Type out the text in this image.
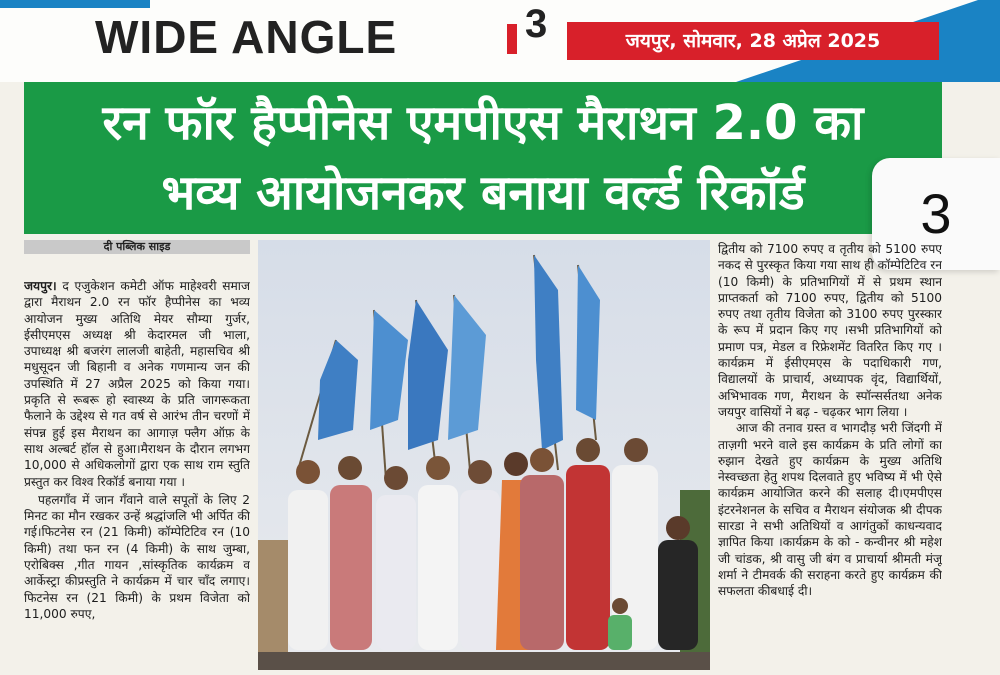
WIDE ANGLE	3	जयपुर, सोमवार, 28 अप्रेल 2025
रन फॉर हैप्पीनेस एमपीएस मैराथन 2.0 का
भव्य आयोजनकर बनाया वर्ल्ड रिकॉर्ड	3
दी पब्लिक साइड

जयपुर। द एजुकेशन कमेटी ऑफ माहेश्वरी समाज द्वारा मैराथन 2.0 रन फॉर हैप्पीनेस का भव्य आयोजन मुख्य अतिथि मेयर सौम्या गुर्जर, ईसीएमएस अध्यक्ष श्री केदारमल जी भाला, उपाध्यक्ष श्री बजरंग लालजी बाहेती, महासचिव श्री मधुसूदन जी बिहानी व अनेक गणमान्य जन की उपस्थिति में 27 अप्रैल 2025 को किया गया। प्रकृति से रूबरू हो स्वास्थ्य के प्रति जागरूकता फैलाने के उद्देश्य से गत वर्ष से आरंभ तीन चरणों में संपन्न हुई इस मैराथन का आगाज़ फ्लैग ऑफ़ के साथ अल्बर्ट हॉल से हुआ।मैराथन के दौरान लगभग 10,000 से अधिकलोगों द्वारा एक साथ राम स्तुति प्रस्तुत कर विश्व रिकॉर्ड बनाया गया ।

पहलगाँव में जान गँवाने वाले सपूतों के लिए 2 मिनट का मौन रखकर उन्हें श्रद्धांजलि भी अर्पित की गई।फिटनेस रन (21 किमी) कॉम्पेटिटिव रन (10 किमी) तथा फन रन (4 किमी) के साथ जुम्बा, एरोबिक्स ,गीत गायन ,सांस्कृतिक कार्यक्रम व आर्केस्ट्रा कीप्रस्तुति ने कार्यक्रम में चार चाँद लगाए। फिटनेस रन (21 किमी) के प्रथम विजेता को 11,000 रुपए,

द्वितीय को 7100 रुपए व तृतीय को 5100 रुपए नकद से पुरस्कृत किया गया साथ ही कॉम्पेटिटिव रन (10 किमी) के प्रतिभागियों में से प्रथम स्थान प्राप्तकर्ता को 7100 रुपए, द्वितीय को 5100 रुपए तथा तृतीय विजेता को 3100 रुपए पुरस्कार के रूप में प्रदान किए गए ।सभी प्रतिभागियों को प्रमाण पत्र, मेडल व रिफ्रेशमेंट वितरित किए गए ।कार्यक्रम में ईसीएमएस के पदाधिकारी गण, विद्यालयों के प्राचार्य, अध्यापक वृंद, विद्यार्थियों, अभिभावक गण, मैराथन के स्पॉन्सर्सतथा अनेक जयपुर वासियों ने बढ़ - चढ़कर भाग लिया ।

आज की तनाव ग्रस्त व भागदौड़ भरी जिंदगी में ताज़गी भरने वाले इस कार्यक्रम के प्रति लोगों का रुझान देखते हुए कार्यक्रम के मुख्य अतिथि नेस्वच्छता हेतु शपथ दिलवाते हुए भविष्य में भी ऐसे कार्यक्रम आयोजित करने की सलाह दी।एमपीएस इंटरनेशनल के सचिव व मैराथन संयोजक श्री दीपक सारडा ने सभी अतिथियों व आगंतुकों काधन्यवाद ज्ञापित किया ।कार्यक्रम के को - कन्वीनर श्री महेश जी चांडक, श्री वासु जी बंग व प्राचार्या श्रीमती मंजू शर्मा ने टीमवर्क की सराहना करते हुए कार्यक्रम की सफलता कीबधाई दी।
